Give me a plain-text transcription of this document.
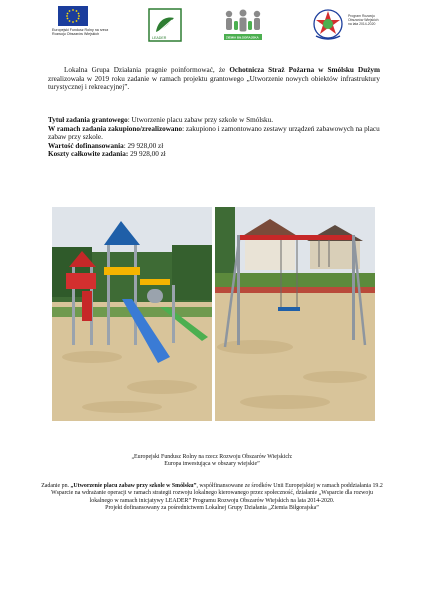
Europejski Fundusz Rolny na rzecz Rozwoju Obszarów Wiejskich
LEADER	ZIEMIA BIŁGORAJSKA
Program Rozwoju Obszarów Wiejskich na lata 2014-2020

Lokalna Grupa Działania pragnie poinformować, że Ochotnicza Straż Pożarna w Smólsku Dużym zrealizowała w 2019 roku zadanie w ramach projektu grantowego „Utworzenie nowych obiektów infrastruktury turystycznej i rekreacyjnej”.

Tytuł zadania grantowego: Utworzenie placu zabaw przy szkole w Smólsku.
W ramach zadania zakupiono/zrealizowano: zakupiono i zamontowano zestawy urządzeń zabawowych na placu zabaw przy szkole.
Wartość dofinansowania: 29 928,00 zł
Koszty całkowite zadania: 29 928,00 zł

„Europejski Fundusz Rolny na rzecz Rozwoju Obszarów Wiejskich:

Europa inwestująca w obszary wiejskie”

Zadanie pn. „Utworzenie placu zabaw przy szkole w Smólsku”, współfinansowane ze środków Unii Europejskiej w ramach poddziałania 19.2 Wsparcie na wdrażanie operacji w ramach strategii rozwoju lokalnego kierowanego przez społeczność, działanie „Wsparcie dla rozwoju lokalnego w ramach inicjatywy LEADER” Programu Rozwoju Obszarów Wiejskich na lata 2014-2020.

Projekt dofinansowany za pośrednictwem Lokalnej Grupy Działania „Ziemia Biłgorajska”
